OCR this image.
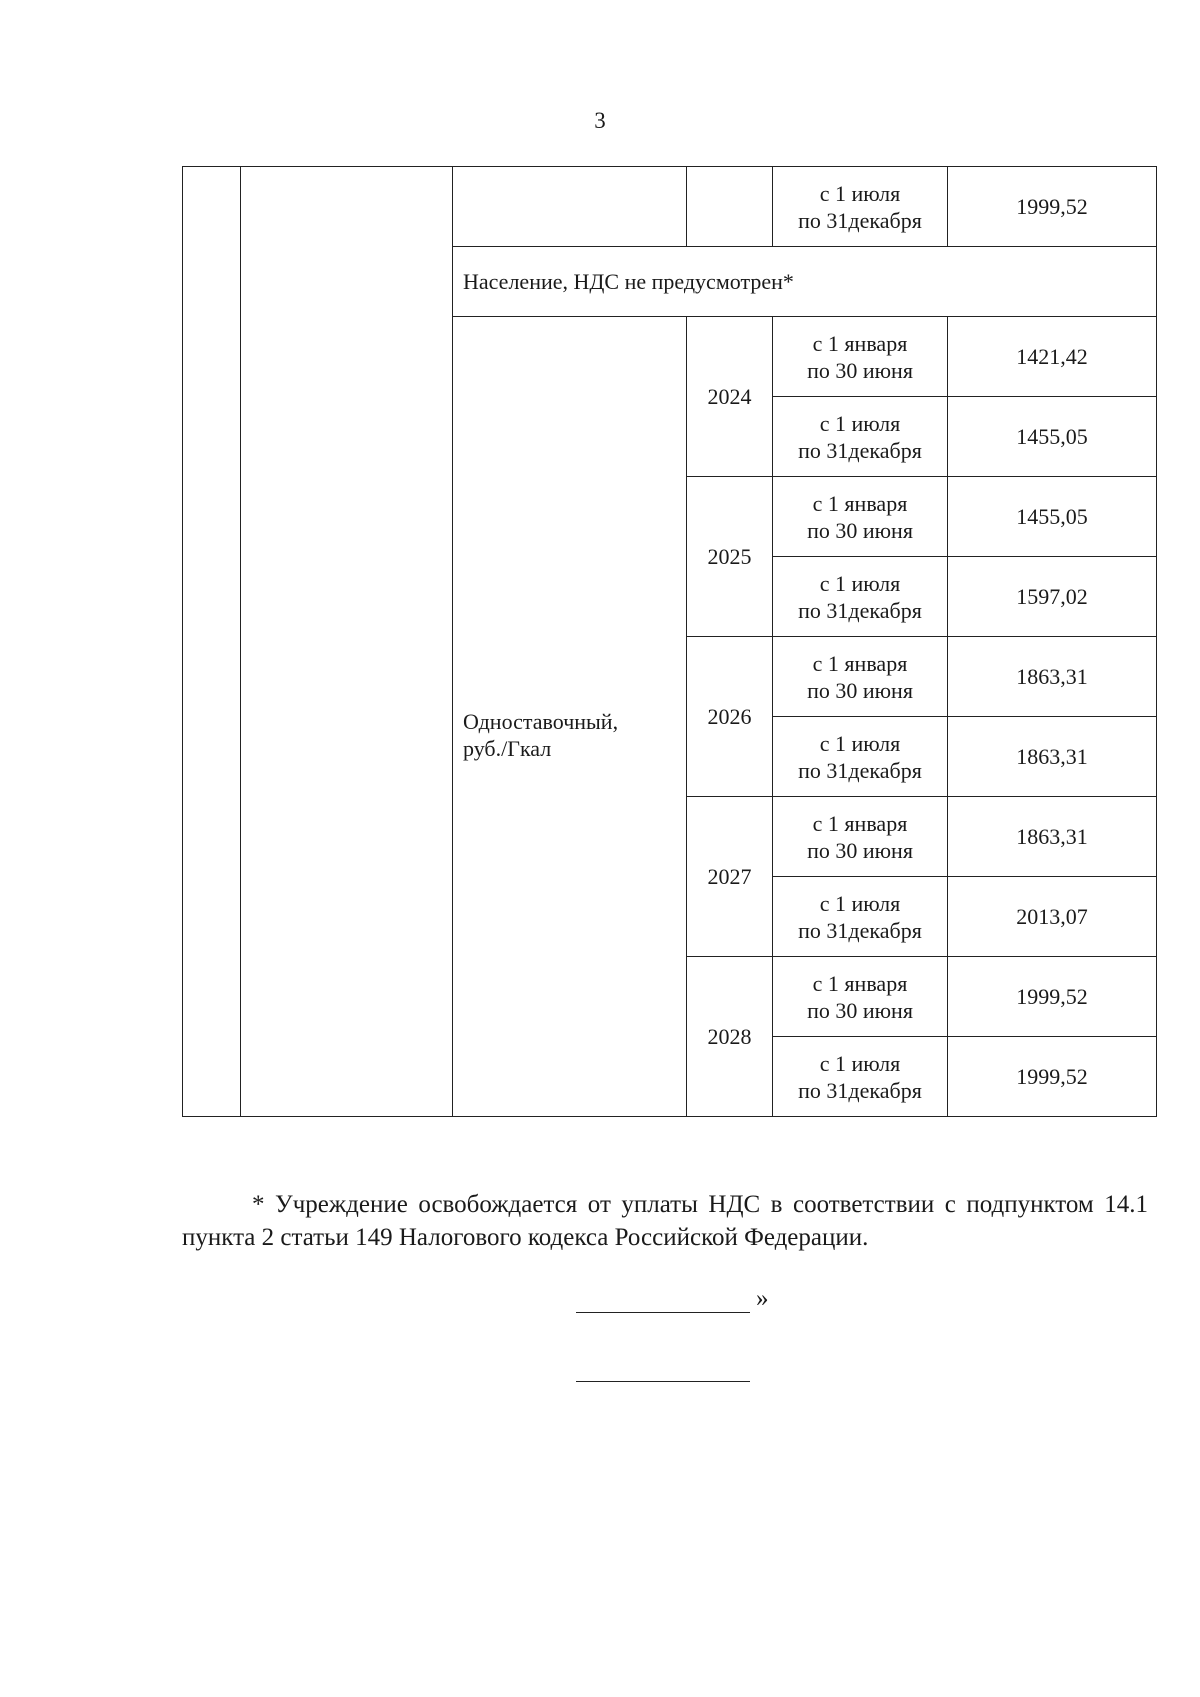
3

				с 1 июля
по 31декабря	1999,52
		Население, НДС не предусмотрен*			

		Одноставочный,
руб./Гкал	2024	с 1 января
по 30 июня	1421,42

				с 1 июля
по 31декабря	1455,05
			2025	с 1 января
по 30 июня	1455,05

				с 1 июля
по 31декабря	1597,02
			2026	с 1 января
по 30 июня	1863,31

				с 1 июля
по 31декабря	1863,31
			2027	с 1 января
по 30 июня	1863,31

				с 1 июля
по 31декабря	2013,07
			2028	с 1 января
по 30 июня	1999,52

				с 1 июля
по 31декабря	1999,52

* Учреждение освобождается от уплаты НДС в соответствии с подпунктом 14.1 пункта 2 статьи 149 Налогового кодекса Российской Федерации.

»
